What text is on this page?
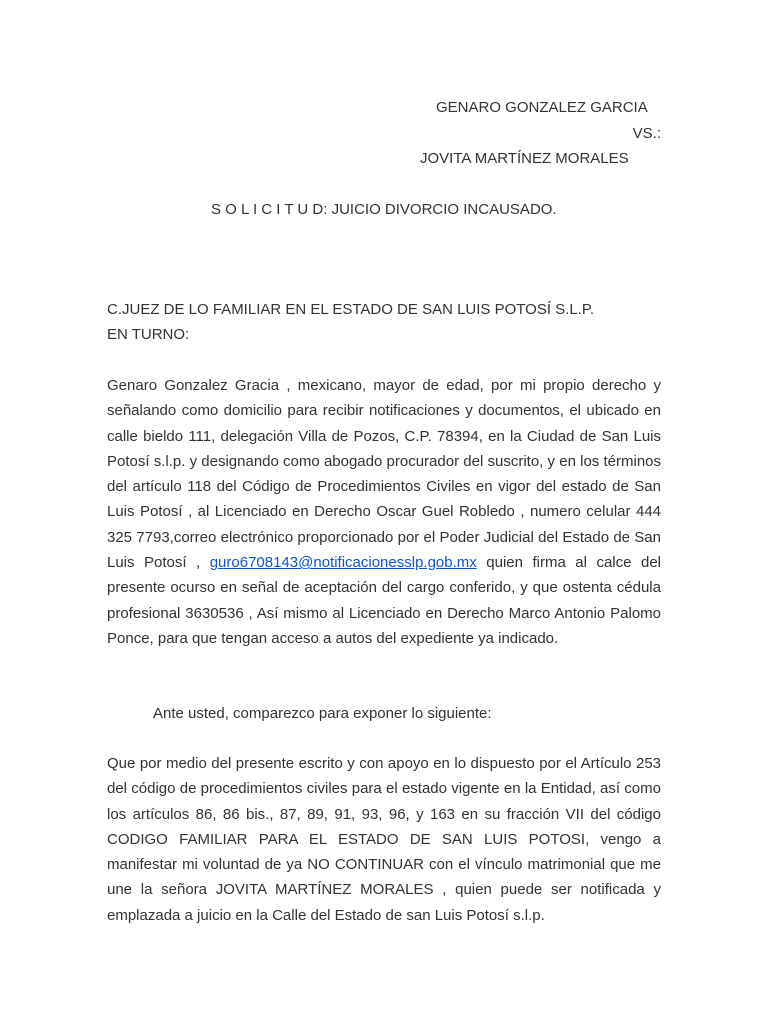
GENARO GONZALEZ GARCIA
VS.:
JOVITA MARTÍNEZ MORALES
S O L I C I T U D: JUICIO DIVORCIO INCAUSADO.
C.JUEZ DE LO FAMILIAR EN EL ESTADO DE SAN LUIS POTOSÍ S.L.P.
EN TURNO:
Genaro Gonzalez Gracia , mexicano, mayor de edad, por mi propio derecho y señalando como domicilio para recibir notificaciones y documentos, el ubicado en calle bieldo 111, delegación Villa de Pozos, C.P. 78394, en la Ciudad de San Luis Potosí s.l.p. y designando como abogado procurador del suscrito, y en los términos del artículo 118 del Código de Procedimientos Civiles en vigor del estado de San Luis Potosí , al Licenciado en Derecho Oscar Guel Robledo , numero celular 444 325 7793,correo electrónico proporcionado por el Poder Judicial del Estado de San Luis Potosí , guro6708143@notificacionesslp.gob.mx quien firma al calce del presente ocurso en señal de aceptación del cargo conferido, y que ostenta cédula profesional 3630536 , Así mismo al Licenciado en Derecho Marco Antonio Palomo Ponce, para que tengan acceso a autos del expediente ya indicado.
Ante usted, comparezco para exponer lo siguiente:
Que por medio del presente escrito y con apoyo en lo dispuesto por el Artículo 253 del código de procedimientos civiles para el estado vigente en la Entidad, así como los artículos 86, 86 bis., 87, 89, 91, 93, 96, y 163 en su fracción VII del código CODIGO FAMILIAR PARA EL ESTADO DE SAN LUIS POTOSI, vengo a manifestar mi voluntad de ya NO CONTINUAR con el vínculo matrimonial que me une la señora JOVITA MARTÍNEZ MORALES , quien puede ser notificada y emplazada a juicio en la Calle del Estado de san Luis Potosí s.l.p.
